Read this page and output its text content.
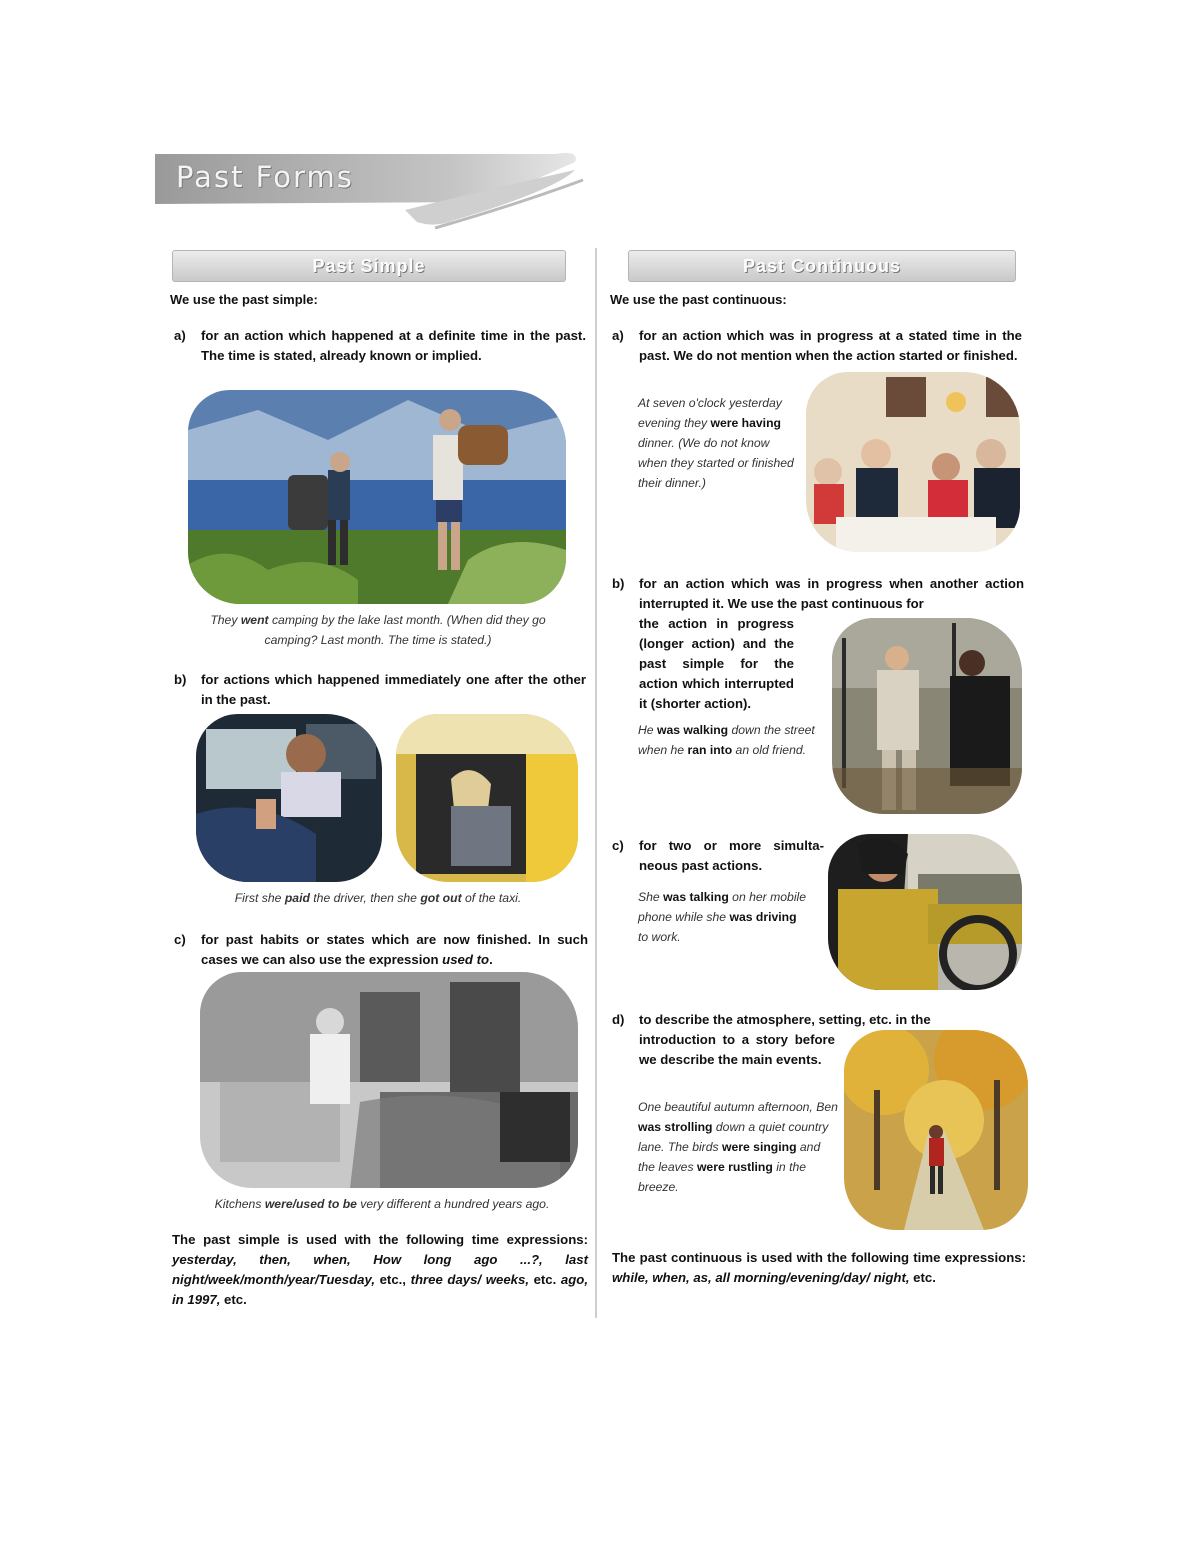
Past Forms
Past Simple
We use the past simple:
a) for an action which happened at a definite time in the past. The time is stated, already known or implied.
They went camping by the lake last month. (When did they go camping? Last month. The time is stated.)
b) for actions which happened immediately one after the other in the past.
First she paid the driver, then she got out of the taxi.
c) for past habits or states which are now finished. In such cases we can also use the expression used to.
Kitchens were/used to be very different a hundred years ago.
The past simple is used with the following time expressions: yesterday, then, when, How long ago ...?, last night/week/month/year/Tuesday, etc., three days/ weeks, etc. ago, in 1997, etc.
Past Continuous
We use the past continuous:
a) for an action which was in progress at a stated time in the past. We do not mention when the action started or finished.
At seven o'clock yesterday evening they were having dinner. (We do not know when they started or finished their dinner.)
b) for an action which was in progress when another action interrupted it. We use the past continuous for
the action in progress (longer action) and the past simple for the action which interrupted it (shorter action).
He was walking down the street when he ran into an old friend.
c) for two or more simulta-neous past actions.
She was talking on her mobile phone while she was driving to work.
d) to describe the atmosphere, setting, etc. in the
introduction to a story before we describe the main events.
One beautiful autumn afternoon, Ben was strolling down a quiet country lane. The birds were singing and the leaves were rustling in the breeze.
The past continuous is used with the following time expressions: while, when, as, all morning/evening/day/ night, etc.
